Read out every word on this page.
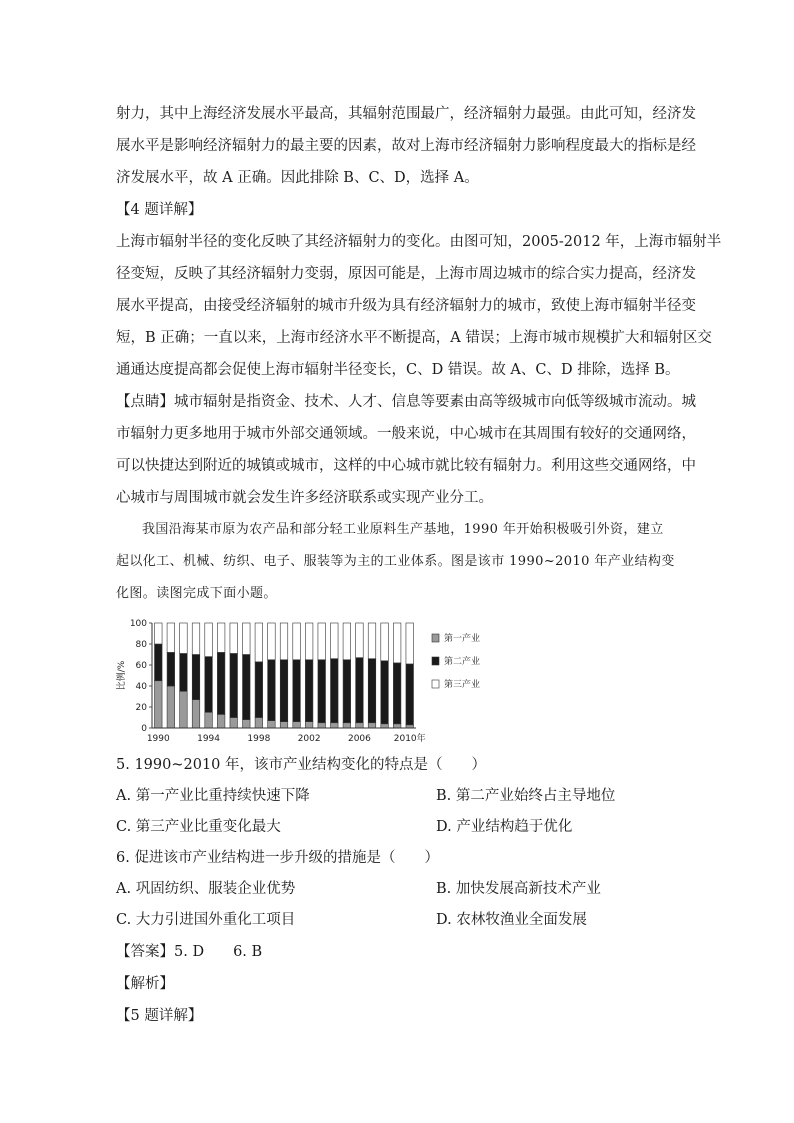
射力，其中上海经济发展水平最高，其辐射范围最广，经济辐射力最强。由此可知，经济发
展水平是影响经济辐射力的最主要的因素，故对上海市经济辐射力影响程度最大的指标是经
济发展水平，故 A 正确。因此排除 B、C、D，选择 A。

【4 题详解】

上海市辐射半径的变化反映了其经济辐射力的变化。由图可知，2005-2012 年，上海市辐射半
径变短，反映了其经济辐射力变弱，原因可能是，上海市周边城市的综合实力提高，经济发
展水平提高，由接受经济辐射的城市升级为具有经济辐射力的城市，致使上海市辐射半径变
短，B 正确；一直以来，上海市经济水平不断提高，A 错误；上海市城市规模扩大和辐射区交
通通达度提高都会促使上海市辐射半径变长，C、D 错误。故 A、C、D 排除，选择 B。

【点睛】城市辐射是指资金、技术、人才、信息等要素由高等级城市向低等级城市流动。城
市辐射力更多地用于城市外部交通领域。一般来说，中心城市在其周围有较好的交通网络，
可以快捷达到附近的城镇或城市，这样的中心城市就比较有辐射力。利用这些交通网络，中
心城市与周围城市就会发生许多经济联系或实现产业分工。

我国沿海某市原为农产品和部分轻工业原料生产基地，1990 年开始积极吸引外资，建立
起以化工、机械、纺织、电子、服装等为主的工业体系。图是该市 1990~2010 年产业结构变
化图。读图完成下面小题。

比例/%
0
20
40
60
80
100
1990	1994	1998	2002	2006	2010年
第一产业
第二产业
第三产业

5. 1990~2010 年，该市产业结构变化的特点是（　　）

A. 第一产业比重持续快速下降	B. 第二产业始终占主导地位
C. 第三产业比重变化最大	D. 产业结构趋于优化

6. 促进该市产业结构进一步升级的措施是（　　）

A. 巩固纺织、服装企业优势	B. 加快发展高新技术产业
C. 大力引进国外重化工项目	D. 农林牧渔业全面发展

【答案】5. D　　6. B

【解析】

【5 题详解】
